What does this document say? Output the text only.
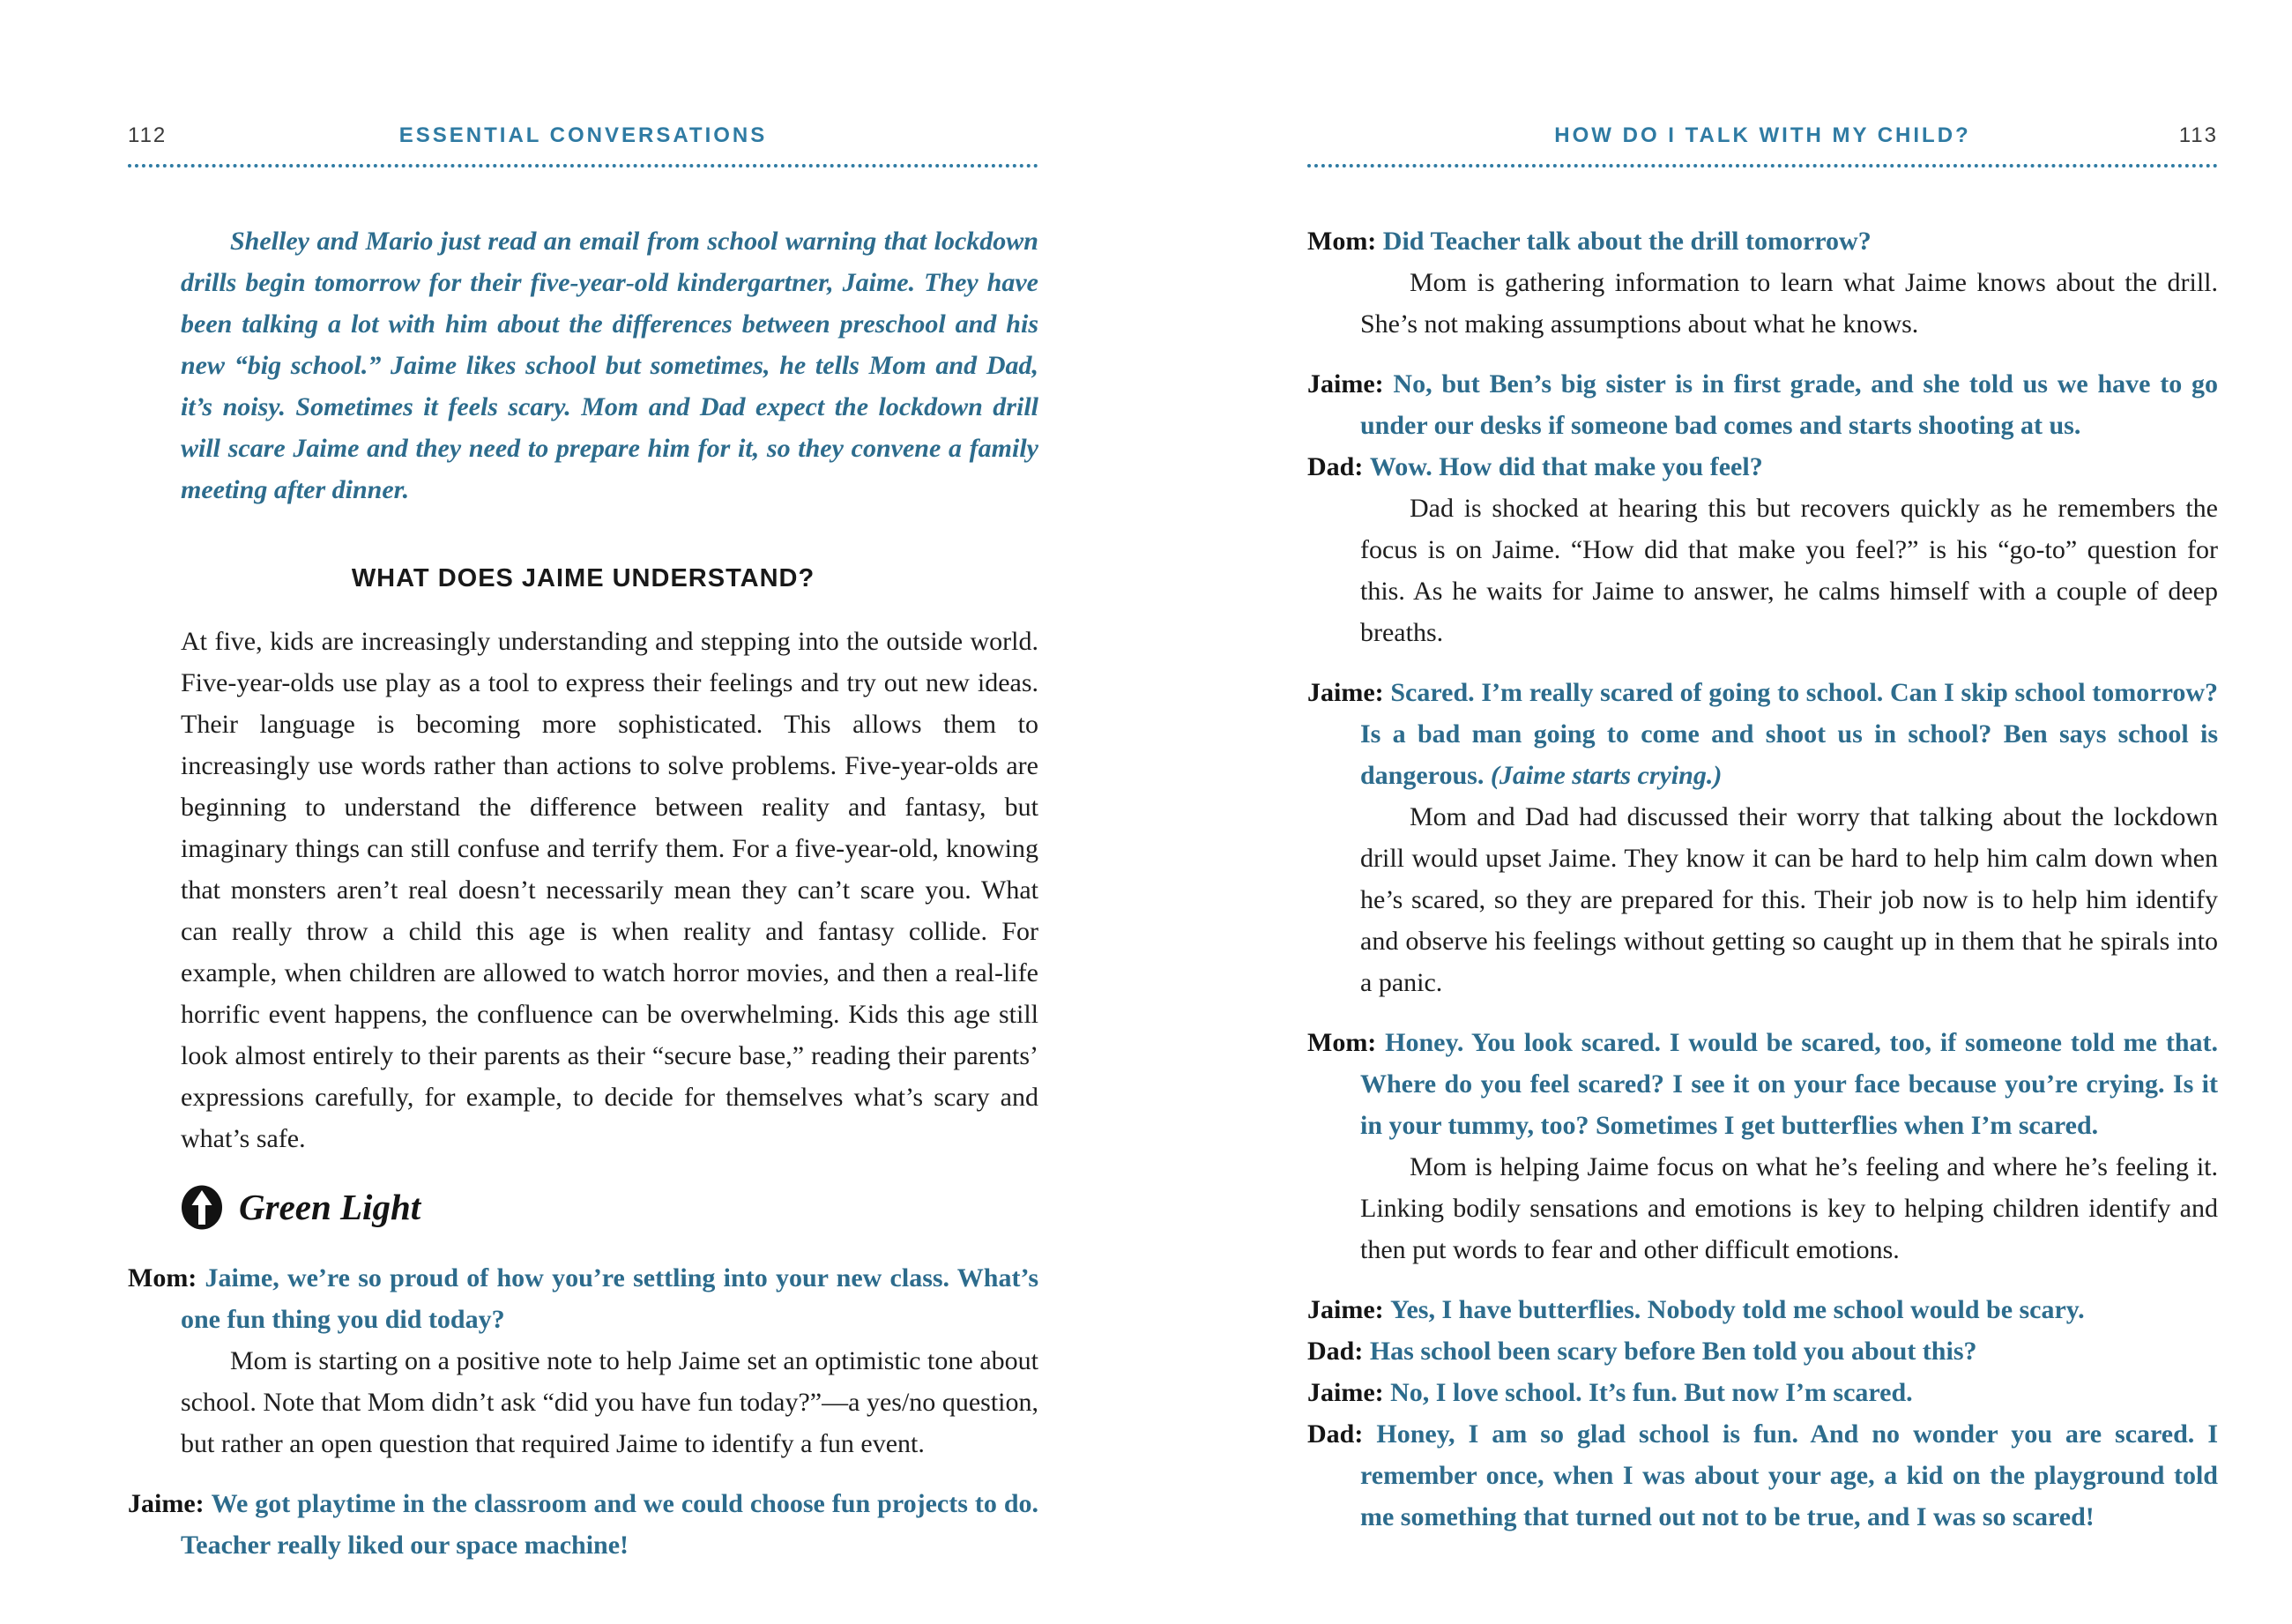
112	ESSENTIAL CONVERSATIONS

Shelley and Mario just read an email from school warning that lockdown drills begin tomorrow for their five-year-old kindergartner, Jaime. They have been talking a lot with him about the differences between preschool and his new “big school.” Jaime likes school but sometimes, he tells Mom and Dad, it’s noisy. Sometimes it feels scary. Mom and Dad expect the lockdown drill will scare Jaime and they need to prepare him for it, so they convene a family meeting after dinner.

WHAT DOES JAIME UNDERSTAND?

At five, kids are increasingly understanding and stepping into the outside world. Five-year-olds use play as a tool to express their feelings and try out new ideas. Their language is becoming more sophisticated. This allows them to increasingly use words rather than actions to solve problems. Five-year-olds are beginning to understand the difference between reality and fantasy, but imaginary things can still confuse and terrify them. For a five-year-old, knowing that monsters aren’t real doesn’t necessarily mean they can’t scare you. What can really throw a child this age is when reality and fantasy collide. For example, when children are allowed to watch horror movies, and then a real-life horrific event happens, the confluence can be overwhelming. Kids this age still look almost entirely to their parents as their “secure base,” reading their parents’ expressions carefully, for example, to decide for themselves what’s scary and what’s safe.

Green Light

Mom: Jaime, we’re so proud of how you’re settling into your new class. What’s one fun thing you did today?

Mom is starting on a positive note to help Jaime set an optimistic tone about school. Note that Mom didn’t ask “did you have fun today?”—a yes/no question, but rather an open question that required Jaime to identify a fun event.

Jaime: We got playtime in the classroom and we could choose fun projects to do. Teacher really liked our space machine!

HOW DO I TALK WITH MY CHILD?	113

Mom: Did Teacher talk about the drill tomorrow?

Mom is gathering information to learn what Jaime knows about the drill. She’s not making assumptions about what he knows.

Jaime: No, but Ben’s big sister is in first grade, and she told us we have to go under our desks if someone bad comes and starts shooting at us.

Dad: Wow. How did that make you feel?

Dad is shocked at hearing this but recovers quickly as he remembers the focus is on Jaime. “How did that make you feel?” is his “go-to” question for this. As he waits for Jaime to answer, he calms himself with a couple of deep breaths.

Jaime: Scared. I’m really scared of going to school. Can I skip school tomorrow? Is a bad man going to come and shoot us in school? Ben says school is dangerous. (Jaime starts crying.)

Mom and Dad had discussed their worry that talking about the lockdown drill would upset Jaime. They know it can be hard to help him calm down when he’s scared, so they are prepared for this. Their job now is to help him identify and observe his feelings without getting so caught up in them that he spirals into a panic.

Mom: Honey. You look scared. I would be scared, too, if someone told me that. Where do you feel scared? I see it on your face because you’re crying. Is it in your tummy, too? Sometimes I get butterflies when I’m scared.

Mom is helping Jaime focus on what he’s feeling and where he’s feeling it. Linking bodily sensations and emotions is key to helping children identify and then put words to fear and other difficult emotions.

Jaime: Yes, I have butterflies. Nobody told me school would be scary.

Dad: Has school been scary before Ben told you about this?

Jaime: No, I love school. It’s fun. But now I’m scared.

Dad: Honey, I am so glad school is fun. And no wonder you are scared. I remember once, when I was about your age, a kid on the playground told me something that turned out not to be true, and I was so scared!
